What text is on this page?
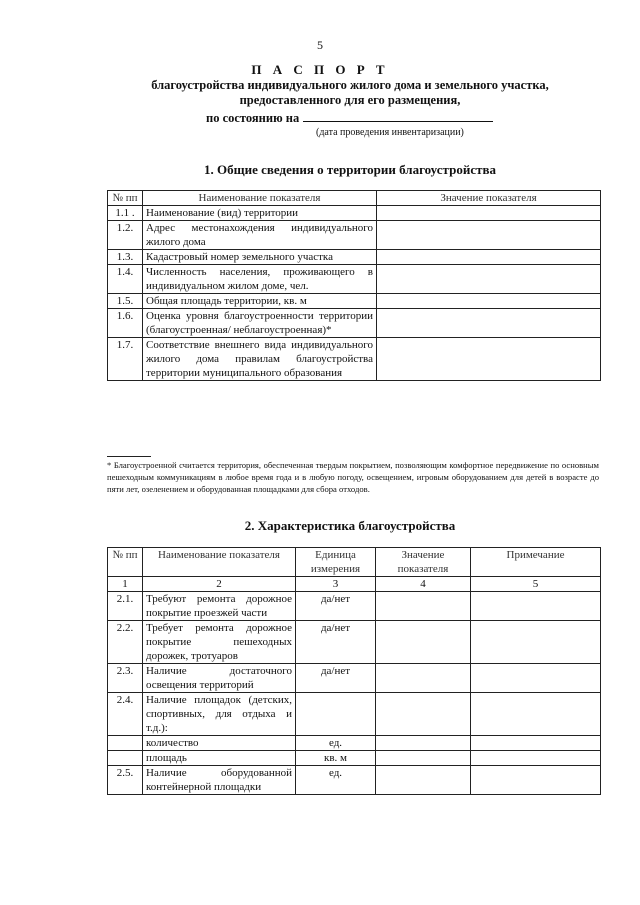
5
П А С П О Р Т
благоустройства индивидуального жилого дома и земельного участка, предоставленного для его размещения,
по состоянию на
(дата проведения инвентаризации)
1. Общие сведения о территории благоустройства
№ пп	Наименование показателя	Значение показателя
1.1 .	Наименование (вид) территории	
1.2.	Адрес местонахождения индивидуального жилого дома	
1.3.	Кадастровый номер земельного участка	
1.4.	Численность населения, проживающего в индивидуальном жилом доме, чел.	
1.5.	Общая площадь территории, кв. м	
1.6.	Оценка уровня благоустроенности территории (благоустроенная/ неблагоустроенная)*	
1.7.	Соответствие внешнего вида индивидуального жилого дома правилам благоустройства территории муниципального образования	
* Благоустроенной считается территория, обеспеченная твердым покрытием, позволяющим комфортное передвижение по основным пешеходным коммуникациям в любое время года и в любую погоду, освещением, игровым оборудованием для детей в возрасте до пяти лет, озеленением и оборудованная площадками для сбора отходов.
2. Характеристика благоустройства
№ пп	Наименование показателя	Единица измерения	Значение показателя	Примечание
1	2	3	4	5
2.1.	Требуют ремонта дорожное покрытие проезжей части	да/нет		
2.2.	Требует ремонта дорожное покрытие пешеходных дорожек, тротуаров	да/нет		
2.3.	Наличие достаточного освещения территорий	да/нет		
2.4.	Наличие площадок (детских, спортивных, для отдыха и т.д.):			
	количество	ед.		
	площадь	кв. м		
2.5.	Наличие оборудованной контейнерной площадки	ед.		
